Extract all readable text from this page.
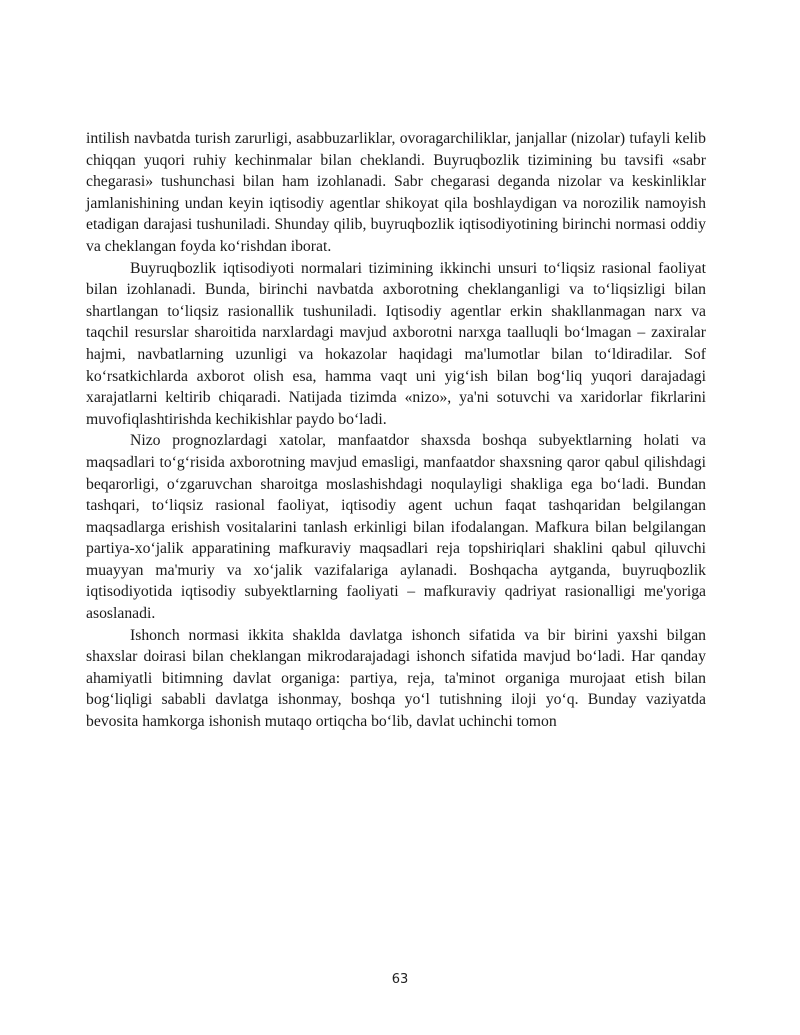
intilish navbatda turish zarurligi, asabbuzarliklar, ovoragarchiliklar, janjallar (nizolar) tufayli kelib chiqqan yuqori ruhiy kechinmalar bilan cheklandi. Buyruqbozlik tizimining bu tavsifi «sabr chegarasi» tushunchasi bilan ham izohlanadi. Sabr chegarasi deganda nizolar va keskinliklar jamlanishining undan keyin iqtisodiy agentlar shikoyat qila boshlaydigan va norozilik namoyish etadigan darajasi tushuniladi. Shunday qilib, buyruqbozlik iqtisodiyotining birinchi normasi oddiy va cheklangan foyda koʻrishdan iborat.

Buyruqbozlik iqtisodiyoti normalari tizimining ikkinchi unsuri toʻliqsiz rasional faoliyat bilan izohlanadi. Bunda, birinchi navbatda axborotning cheklanganligi va toʻliqsizligi bilan shartlangan toʻliqsiz rasionallik tushuniladi. Iqtisodiy agentlar erkin shakllanmagan narx va taqchil resurslar sharoitida narxlardagi mavjud axborotni narxga taalluqli boʻlmagan – zaxiralar hajmi, navbatlarning uzunligi va hokazolar haqidagi ma'lumotlar bilan toʻldiradilar. Sof koʻrsatkichlarda axborot olish esa, hamma vaqt uni yigʻish bilan bogʻliq yuqori darajadagi xarajatlarni keltirib chiqaradi. Natijada tizimda «nizo», ya'ni sotuvchi va xaridorlar fikrlarini muvofiqlashtirishda kechikishlar paydo boʻladi.

Nizo prognozlardagi xatolar, manfaatdor shaxsda boshqa subyektlarning holati va maqsadlari toʻgʻrisida axborotning mavjud emasligi, manfaatdor shaxsning qaror qabul qilishdagi beqarorligi, oʻzgaruvchan sharoitga moslashishdagi noqulayligi shakliga ega boʻladi. Bundan tashqari, toʻliqsiz rasional faoliyat, iqtisodiy agent uchun faqat tashqaridan belgilangan maqsadlarga erishish vositalarini tanlash erkinligi bilan ifodalangan. Mafkura bilan belgilangan partiya-xoʻjalik apparatining mafkuraviy maqsadlari reja topshiriqlari shaklini qabul qiluvchi muayyan ma'muriy va xoʻjalik vazifalariga aylanadi. Boshqacha aytganda, buyruqbozlik iqtisodiyotida iqtisodiy subyektlarning faoliyati – mafkuraviy qadriyat rasionalligi me'yoriga asoslanadi.

Ishonch normasi ikkita shaklda davlatga ishonch sifatida va bir birini yaxshi bilgan shaxslar doirasi bilan cheklangan mikrodarajadagi ishonch sifatida mavjud boʻladi. Har qanday ahamiyatli bitimning davlat organiga: partiya, reja, ta'minot organiga murojaat etish bilan bogʻliqligi sababli davlatga ishonmay, boshqa yoʻl tutishning iloji yoʻq. Bunday vaziyatda bevosita hamkorga ishonish mutaqo ortiqcha boʻlib, davlat uchinchi tomon

63
